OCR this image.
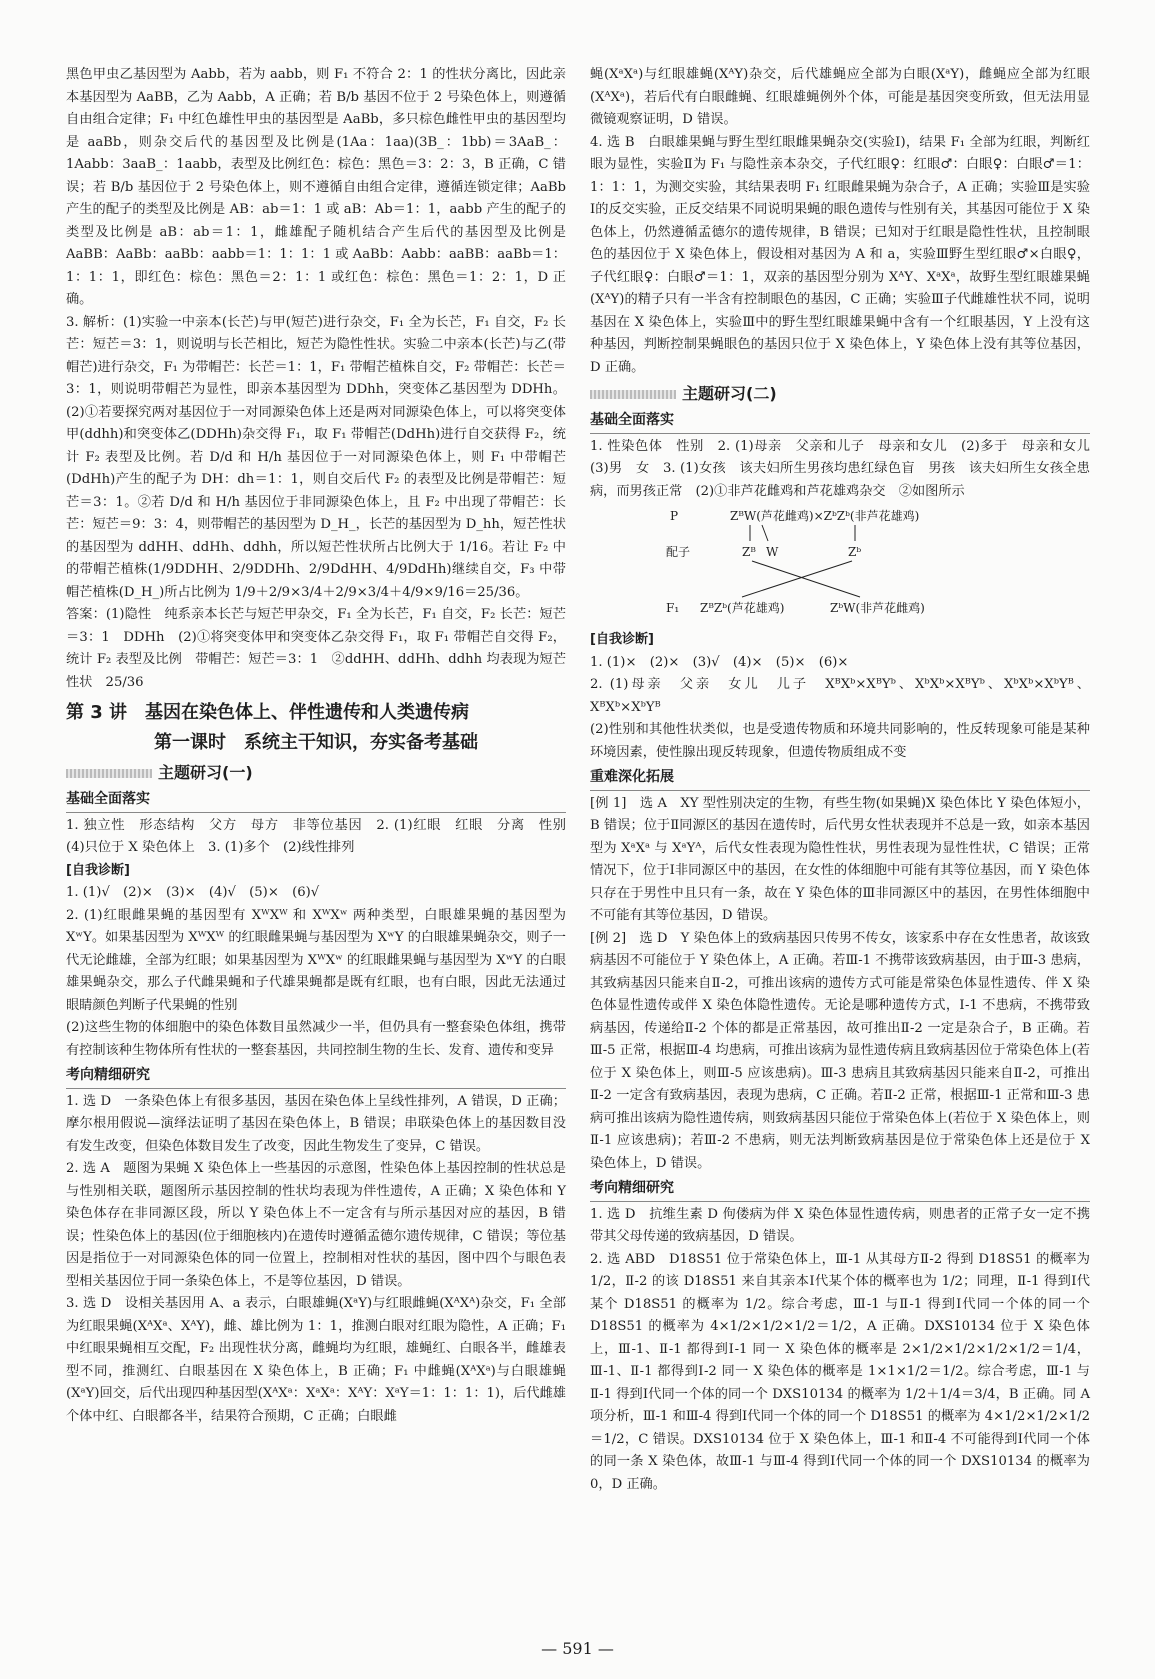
黑色甲虫乙基因型为 Aabb，若为 aabb，则 F₁ 不符合 2：1 的性状分离比，因此亲本基因型为 AaBB，乙为 Aabb，A 正确；若 B/b 基因不位于 2 号染色体上，则遵循自由组合定律；F₁ 中红色雄性甲虫的基因型是 AaBb，多只棕色雌性甲虫的基因型均是 aaBb，则杂交后代的基因型及比例是(1Aa：1aa)(3B_：1bb)＝3AaB_：1Aabb：3aaB_：1aabb，表型及比例红色：棕色：黑色＝3：2：3，B 正确，C 错误；若 B/b 基因位于 2 号染色体上，则不遵循自由组合定律，遵循连锁定律；AaBb 产生的配子的类型及比例是 AB：ab＝1：1 或 aB：Ab＝1：1，aabb 产生的配子的类型及比例是 aB：ab＝1：1，雌雄配子随机结合产生后代的基因型及比例是 AaBB：AaBb：aaBb：aabb＝1：1：1：1 或 AaBb：Aabb：aaBB：aaBb＝1：1：1：1，即红色：棕色：黑色＝2：1：1 或红色：棕色：黑色＝1：2：1，D 正确。

3. 解析：(1)实验一中亲本(长芒)与甲(短芒)进行杂交，F₁ 全为长芒，F₁ 自交，F₂ 长芒：短芒＝3：1，则说明与长芒相比，短芒为隐性性状。实验二中亲本(长芒)与乙(带帽芒)进行杂交，F₁ 为带帽芒：长芒＝1：1，F₁ 带帽芒植株自交，F₂ 带帽芒：长芒＝3：1，则说明带帽芒为显性，即亲本基因型为 DDhh，突变体乙基因型为 DDHh。(2)①若要探究两对基因位于一对同源染色体上还是两对同源染色体上，可以将突变体甲(ddhh)和突变体乙(DDHh)杂交得 F₁，取 F₁ 带帽芒(DdHh)进行自交获得 F₂，统计 F₂ 表型及比例。若 D/d 和 H/h 基因位于一对同源染色体上，则 F₁ 中带帽芒(DdHh)产生的配子为 DH：dh＝1：1，则自交后代 F₂ 的表型及比例是带帽芒：短芒＝3：1。②若 D/d 和 H/h 基因位于非同源染色体上，且 F₂ 中出现了带帽芒：长芒：短芒＝9：3：4，则带帽芒的基因型为 D_H_，长芒的基因型为 D_hh，短芒性状的基因型为 ddHH、ddHh、ddhh，所以短芒性状所占比例大于 1/16。若让 F₂ 中的带帽芒植株(1/9DDHH、2/9DDHh、2/9DdHH、4/9DdHh)继续自交，F₃ 中带帽芒植株(D_H_)所占比例为 1/9＋2/9×3/4＋2/9×3/4＋4/9×9/16＝25/36。

答案：(1)隐性　纯系亲本长芒与短芒甲杂交，F₁ 全为长芒，F₁ 自交，F₂ 长芒：短芒＝3：1　DDHh　(2)①将突变体甲和突变体乙杂交得 F₁，取 F₁ 带帽芒自交得 F₂，统计 F₂ 表型及比例　带帽芒：短芒＝3：1　②ddHH、ddHh、ddhh 均表现为短芒性状　25/36

第 3 讲　基因在染色体上、伴性遗传和人类遗传病
第一课时　系统主干知识，夯实备考基础
主题研习(一)
基础全面落实

1. 独立性　形态结构　父方　母方　非等位基因　2. (1)红眼　红眼　分离　性别　(4)只位于 X 染色体上　3. (1)多个　(2)线性排列

[自我诊断]

1. (1)√　(2)×　(3)×　(4)√　(5)×　(6)√

2. (1)红眼雌果蝇的基因型有 XᵂXᵂ 和 XᵂXʷ 两种类型，白眼雄果蝇的基因型为 XʷY。如果基因型为 XᵂXᵂ 的红眼雌果蝇与基因型为 XʷY 的白眼雄果蝇杂交，则子一代无论雌雄，全部为红眼；如果基因型为 XᵂXʷ 的红眼雌果蝇与基因型为 XʷY 的白眼雄果蝇杂交，那么子代雌果蝇和子代雄果蝇都是既有红眼，也有白眼，因此无法通过眼睛颜色判断子代果蝇的性别

(2)这些生物的体细胞中的染色体数目虽然减少一半，但仍具有一整套染色体组，携带有控制该种生物体所有性状的一整套基因，共同控制生物的生长、发育、遗传和变异

考向精细研究

1. 选 D　一条染色体上有很多基因，基因在染色体上呈线性排列，A 错误，D 正确；摩尔根用假说—演绎法证明了基因在染色体上，B 错误；串联染色体上的基因数目没有发生改变，但染色体数目发生了改变，因此生物发生了变异，C 错误。

2. 选 A　题图为果蝇 X 染色体上一些基因的示意图，性染色体上基因控制的性状总是与性别相关联，题图所示基因控制的性状均表现为伴性遗传，A 正确；X 染色体和 Y 染色体存在非同源区段，所以 Y 染色体上不一定含有与所示基因对应的基因，B 错误；性染色体上的基因(位于细胞核内)在遗传时遵循孟德尔遗传规律，C 错误；等位基因是指位于一对同源染色体的同一位置上，控制相对性状的基因，图中四个与眼色表型相关基因位于同一条染色体上，不是等位基因，D 错误。

3. 选 D　设相关基因用 A、a 表示，白眼雄蝇(XᵃY)与红眼雌蝇(XᴬXᴬ)杂交，F₁ 全部为红眼果蝇(XᴬXᵃ、XᴬY)，雌、雄比例为 1：1，推测白眼对红眼为隐性，A 正确；F₁ 中红眼果蝇相互交配，F₂ 出现性状分离，雌蝇均为红眼，雄蝇红、白眼各半，雌雄表型不同，推测红、白眼基因在 X 染色体上，B 正确；F₁ 中雌蝇(XᴬXᵃ)与白眼雄蝇(XᵃY)回交，后代出现四种基因型(XᴬXᵃ：XᵃXᵃ：XᴬY：XᵃY＝1：1：1：1)，后代雌雄个体中红、白眼都各半，结果符合预期，C 正确；白眼雌

蝇(XᵃXᵃ)与红眼雄蝇(XᴬY)杂交，后代雄蝇应全部为白眼(XᵃY)，雌蝇应全部为红眼(XᴬXᵃ)，若后代有白眼雌蝇、红眼雄蝇例外个体，可能是基因突变所致，但无法用显微镜观察证明，D 错误。

4. 选 B　白眼雄果蝇与野生型红眼雌果蝇杂交(实验Ⅰ)，结果 F₁ 全部为红眼，判断红眼为显性，实验Ⅱ为 F₁ 与隐性亲本杂交，子代红眼♀：红眼♂：白眼♀：白眼♂＝1：1：1：1，为测交实验，其结果表明 F₁ 红眼雌果蝇为杂合子，A 正确；实验Ⅲ是实验Ⅰ的反交实验，正反交结果不同说明果蝇的眼色遗传与性别有关，其基因可能位于 X 染色体上，仍然遵循孟德尔的遗传规律，B 错误；已知对于红眼是隐性性状，且控制眼色的基因位于 X 染色体上，假设相对基因为 A 和 a，实验Ⅲ野生型红眼♂×白眼♀，子代红眼♀：白眼♂＝1：1，双亲的基因型分别为 XᴬY、XᵃXᵃ，故野生型红眼雄果蝇(XᴬY)的精子只有一半含有控制眼色的基因，C 正确；实验Ⅲ子代雌雄性状不同，说明基因在 X 染色体上，实验Ⅲ中的野生型红眼雄果蝇中含有一个红眼基因，Y 上没有这种基因，判断控制果蝇眼色的基因只位于 X 染色体上，Y 染色体上没有其等位基因，D 正确。

主题研习(二)
基础全面落实

1. 性染色体　性别　2. (1)母亲　父亲和儿子　母亲和女儿　(2)多于　母亲和女儿　(3)男　女　3. (1)女孩　该夫妇所生男孩均患红绿色盲　男孩　该夫妇所生女孩全患病，而男孩正常　(2)①非芦花雌鸡和芦花雄鸡杂交　②如图所示

P	ZᴮW(芦花雌鸡)×ZᵇZᵇ(非芦花雄鸡)
配子	Zᴮ W	Zᵇ
F₁ ZᴮZᵇ(芦花雄鸡)	ZᵇW(非芦花雌鸡)
[自我诊断]

1. (1)×　(2)×　(3)√　(4)×　(5)×　(6)×

2. (1)母亲　父亲　女儿　儿子　XᴮXᵇ×XᴮYᵇ、XᵇXᵇ×XᴮYᵇ、XᵇXᵇ×XᵇYᴮ、XᴮXᵇ×XᵇYᴮ

(2)性别和其他性状类似，也是受遗传物质和环境共同影响的，性反转现象可能是某种环境因素，使性腺出现反转现象，但遗传物质组成不变

重难深化拓展

[例 1]　选 A　XY 型性别决定的生物，有些生物(如果蝇)X 染色体比 Y 染色体短小，B 错误；位于Ⅱ同源区的基因在遗传时，后代男女性状表现并不总是一致，如亲本基因型为 XᵃXᵃ 与 XᵃYᴬ，后代女性表现为隐性性状，男性表现为显性性状，C 错误；正常情况下，位于Ⅰ非同源区中的基因，在女性的体细胞中可能有其等位基因，而 Y 染色体只存在于男性中且只有一条，故在 Y 染色体的Ⅲ非同源区中的基因，在男性体细胞中不可能有其等位基因，D 错误。

[例 2]　选 D　Y 染色体上的致病基因只传男不传女，该家系中存在女性患者，故该致病基因不可能位于 Y 染色体上，A 正确。若Ⅲ-1 不携带该致病基因，由于Ⅲ-3 患病，其致病基因只能来自Ⅱ-2，可推出该病的遗传方式可能是常染色体显性遗传、伴 X 染色体显性遗传或伴 X 染色体隐性遗传。无论是哪种遗传方式，Ⅰ-1 不患病，不携带致病基因，传递给Ⅱ-2 个体的都是正常基因，故可推出Ⅱ-2 一定是杂合子，B 正确。若Ⅲ-5 正常，根据Ⅲ-4 均患病，可推出该病为显性遗传病且致病基因位于常染色体上(若位于 X 染色体上，则Ⅲ-5 应该患病)。Ⅲ-3 患病且其致病基因只能来自Ⅱ-2，可推出Ⅱ-2 一定含有致病基因，表现为患病，C 正确。若Ⅱ-2 正常，根据Ⅲ-1 正常和Ⅲ-3 患病可推出该病为隐性遗传病，则致病基因只能位于常染色体上(若位于 X 染色体上，则Ⅱ-1 应该患病)；若Ⅲ-2 不患病，则无法判断致病基因是位于常染色体上还是位于 X 染色体上，D 错误。

考向精细研究

1. 选 D　抗维生素 D 佝偻病为伴 X 染色体显性遗传病，则患者的正常子女一定不携带其父母传递的致病基因，D 错误。

2. 选 ABD　D18S51 位于常染色体上，Ⅲ-1 从其母方Ⅱ-2 得到 D18S51 的概率为 1/2，Ⅱ-2 的该 D18S51 来自其亲本Ⅰ代某个体的概率也为 1/2；同理，Ⅱ-1 得到Ⅰ代某个 D18S51 的概率为 1/2。综合考虑，Ⅲ-1 与Ⅱ-1 得到Ⅰ代同一个体的同一个 D18S51 的概率为 4×1/2×1/2×1/2＝1/2，A 正确。DXS10134 位于 X 染色体上，Ⅲ-1、Ⅱ-1 都得到Ⅰ-1 同一 X 染色体的概率是 2×1/2×1/2×1/2×1/2＝1/4，Ⅲ-1、Ⅱ-1 都得到Ⅰ-2 同一 X 染色体的概率是 1×1×1/2＝1/2。综合考虑，Ⅲ-1 与Ⅱ-1 得到Ⅰ代同一个体的同一个 DXS10134 的概率为 1/2＋1/4＝3/4，B 正确。同 A 项分析，Ⅲ-1 和Ⅲ-4 得到Ⅰ代同一个体的同一个 D18S51 的概率为 4×1/2×1/2×1/2＝1/2，C 错误。DXS10134 位于 X 染色体上，Ⅲ-1 和Ⅱ-4 不可能得到Ⅰ代同一个体的同一条 X 染色体，故Ⅲ-1 与Ⅲ-4 得到Ⅰ代同一个体的同一个 DXS10134 的概率为 0，D 正确。

— 591 —
